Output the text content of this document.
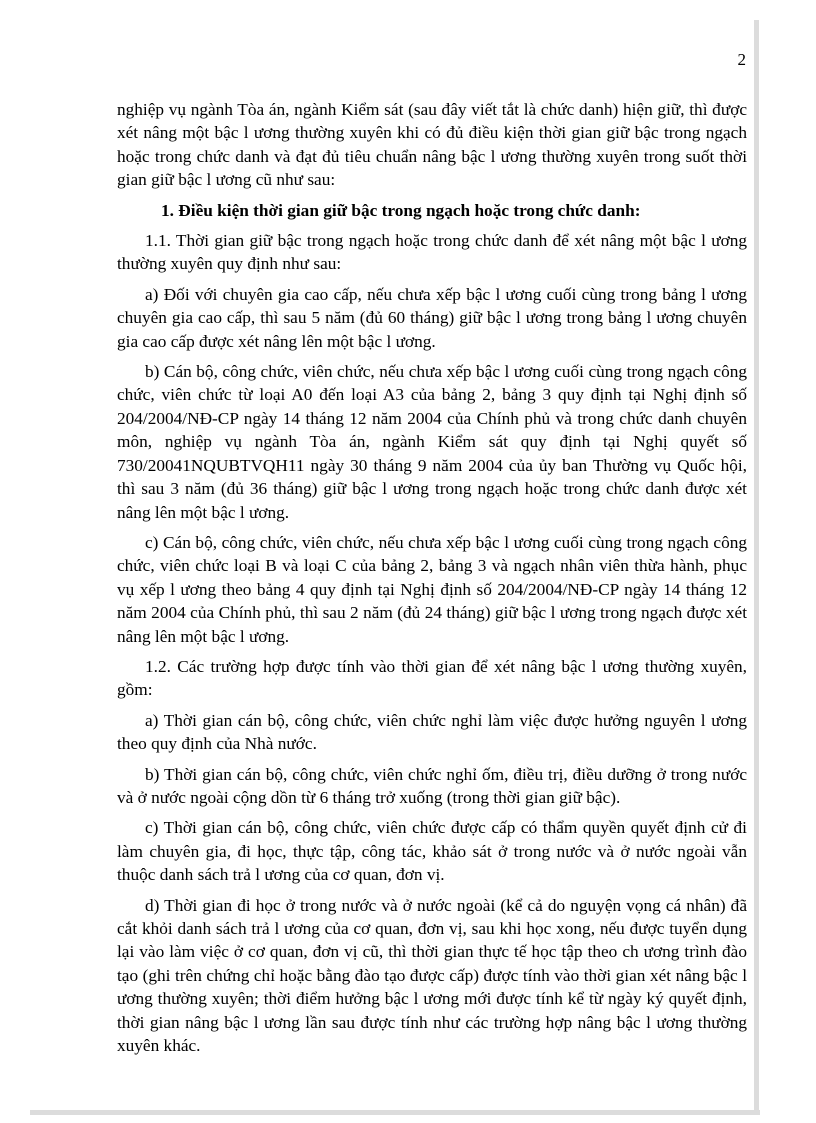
2

nghiệp vụ ngành Tòa án, ngành Kiểm sát (sau đây viết tắt là chức danh) hiện giữ, thì được xét nâng một bậc l ương thường xuyên khi có đủ điều kiện thời gian giữ bậc trong ngạch hoặc trong chức danh và đạt đủ tiêu chuẩn nâng bậc l ương thường xuyên trong suốt thời gian giữ bậc l ương cũ như sau:

1. Điều kiện thời gian giữ bậc trong ngạch hoặc trong chức danh:

1.1. Thời gian giữ bậc trong ngạch hoặc trong chức danh để xét nâng một bậc l ương thường xuyên quy định như sau:

a) Đối với chuyên gia cao cấp, nếu chưa xếp bậc l ương cuối cùng trong bảng l ương chuyên gia cao cấp, thì sau 5 năm (đủ 60 tháng) giữ bậc l ương trong bảng l ương chuyên gia cao cấp được xét nâng lên một bậc l ương.

b) Cán bộ, công chức, viên chức, nếu chưa xếp bậc l ương cuối cùng trong ngạch công chức, viên chức từ loại A0 đến loại A3 của bảng 2, bảng 3 quy định tại Nghị định số 204/2004/NĐ-CP ngày 14 tháng 12 năm 2004 của Chính phủ và trong chức danh chuyên môn, nghiệp vụ ngành Tòa án, ngành Kiểm sát quy định tại Nghị quyết số 730/20041NQUBTVQH11 ngày 30 tháng 9 năm 2004 của ủy ban Thường vụ Quốc hội, thì sau 3 năm (đủ 36 tháng) giữ bậc l ương trong ngạch hoặc trong chức danh được xét nâng lên một bậc l ương.

c) Cán bộ, công chức, viên chức, nếu chưa xếp bậc l ương cuối cùng trong ngạch công chức, viên chức loại B và loại C của bảng 2, bảng 3 và ngạch nhân viên thừa hành, phục vụ xếp l ương theo bảng 4 quy định tại Nghị định số 204/2004/NĐ-CP ngày 14 tháng 12 năm 2004 của Chính phủ, thì sau 2 năm (đủ 24 tháng) giữ bậc l ương trong ngạch được xét nâng lên một bậc l ương.

1.2. Các trường hợp được tính vào thời gian để xét nâng bậc l ương thường xuyên, gồm:

a) Thời gian cán bộ, công chức, viên chức nghỉ làm việc được hưởng nguyên l ương theo quy định của Nhà nước.

b) Thời gian cán bộ, công chức, viên chức nghỉ ốm, điều trị, điều dưỡng ở trong nước và ở nước ngoài cộng dồn từ 6 tháng trở xuống (trong thời gian giữ bậc).

c) Thời gian cán bộ, công chức, viên chức được cấp có thẩm quyền quyết định cử đi làm chuyên gia, đi học, thực tập, công tác, khảo sát ở trong nước và ở nước ngoài vẫn thuộc danh sách trả l ương của cơ quan, đơn vị.

d) Thời gian đi học ở trong nước và ở nước ngoài (kể cả do nguyện vọng cá nhân) đã cắt khỏi danh sách trả l ương của cơ quan, đơn vị, sau khi học xong, nếu được tuyển dụng lại vào làm việc ở cơ quan, đơn vị cũ, thì thời gian thực tế học tập theo ch ương trình đào tạo (ghi trên chứng chỉ hoặc bằng đào tạo được cấp) được tính vào thời gian xét nâng bậc l ương thường xuyên; thời điểm hưởng bậc l ương mới được tính kể từ ngày ký quyết định, thời gian nâng bậc l ương lần sau được tính như các trường hợp nâng bậc l ương thường xuyên khác.
